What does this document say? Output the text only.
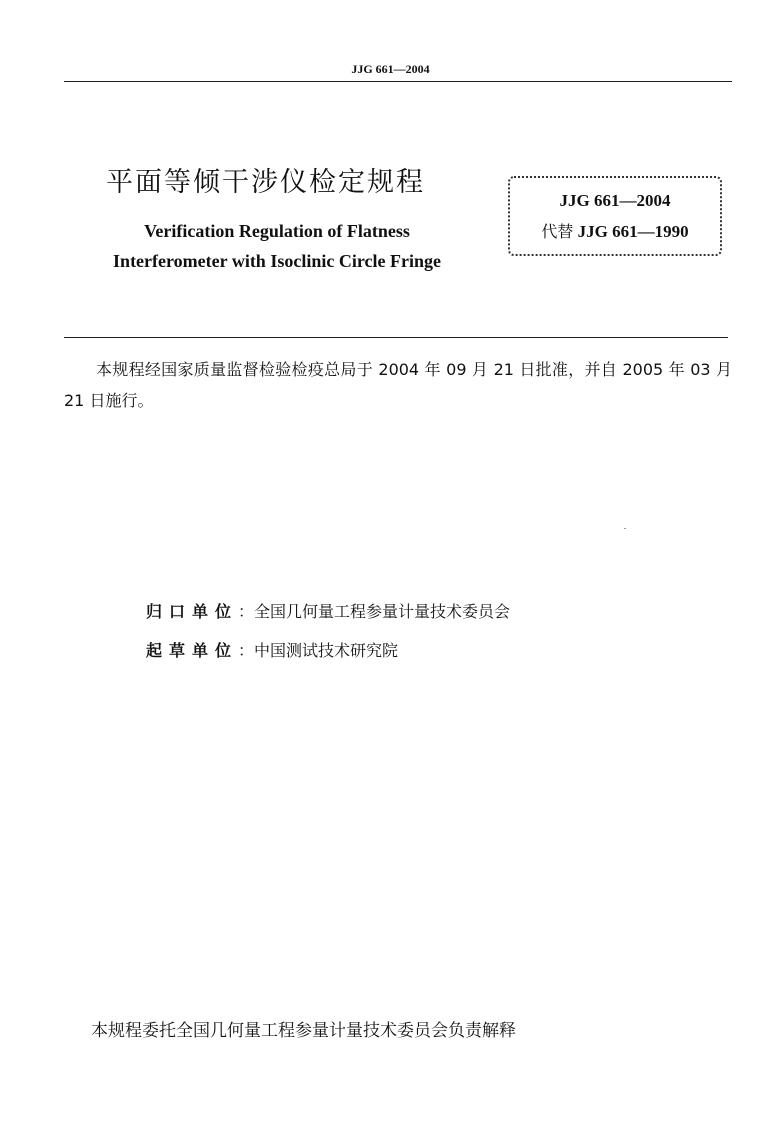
JJG 661—2004
平面等倾干涉仪检定规程
Verification Regulation of Flatness
Interferometer with Isoclinic Circle Fringe
JJG 661—2004
代替 JJG 661—1990
本规程经国家质量监督检验检疫总局于 2004 年 09 月 21 日批准，并自 2005 年 03 月 21 日施行。
归口单位：全国几何量工程参量计量技术委员会
起草单位：中国测试技术研究院
本规程委托全国几何量工程参量计量技术委员会负责解释
